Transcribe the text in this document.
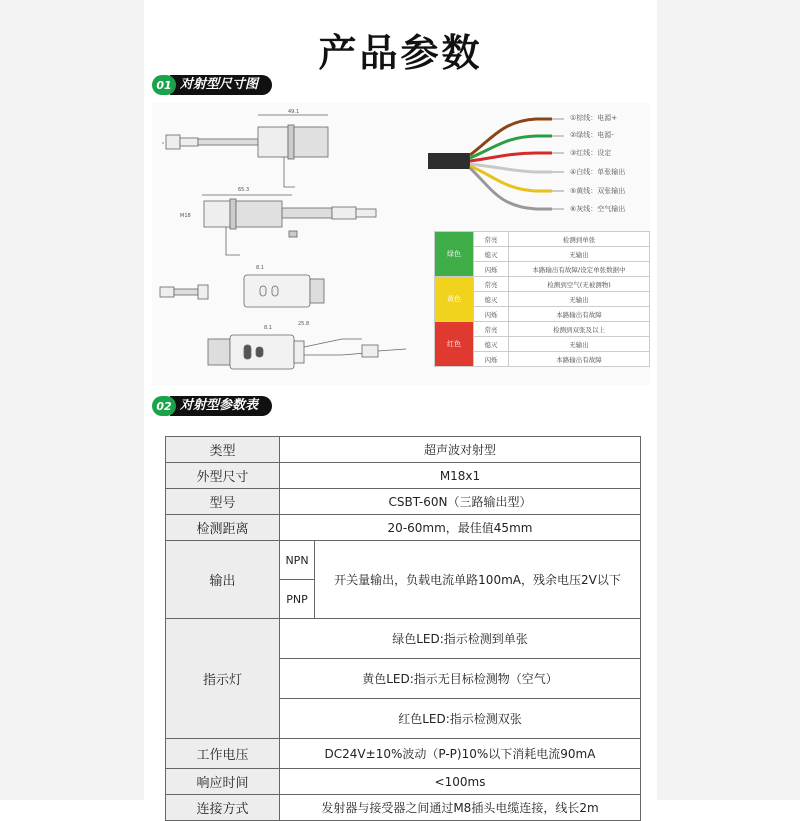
产品参数
01 对射型尺寸图
49.1
65.3
M18
8.1
8.1
25.8
①棕线：电源+
②绿线：电源-
③红线：设定
④白线：单张输出
⑤黄线：双张输出
⑥灰线：空气输出
绿色	常亮	检测到单张
	熄灭	无输出
	闪烁	本路输出有故障/设定单张数据中
黄色	常亮	检测到空气(无被测物)
	熄灭	无输出
	闪烁	本路输出有故障
红色	常亮	检测到双张及以上
	熄灭	无输出
	闪烁	本路输出有故障
02 对射型参数表
类型	超声波对射型	
外型尺寸	M18x1	
型号	CSBT-60N（三路输出型）	
检测距离	20-60mm，最佳值45mm	
输出	NPN	开关量输出，负载电流单路100mA，残余电压2V以下
	PNP	
指示灯	绿色LED:指示检测到单张	
	黄色LED:指示无目标检测物（空气）	
	红色LED:指示检测双张	
工作电压	DC24V±10%波动（P-P)10%以下消耗电流90mA	
响应时间	<100ms	
连接方式	发射器与接受器之间通过M8插头电缆连接，线长2m	
